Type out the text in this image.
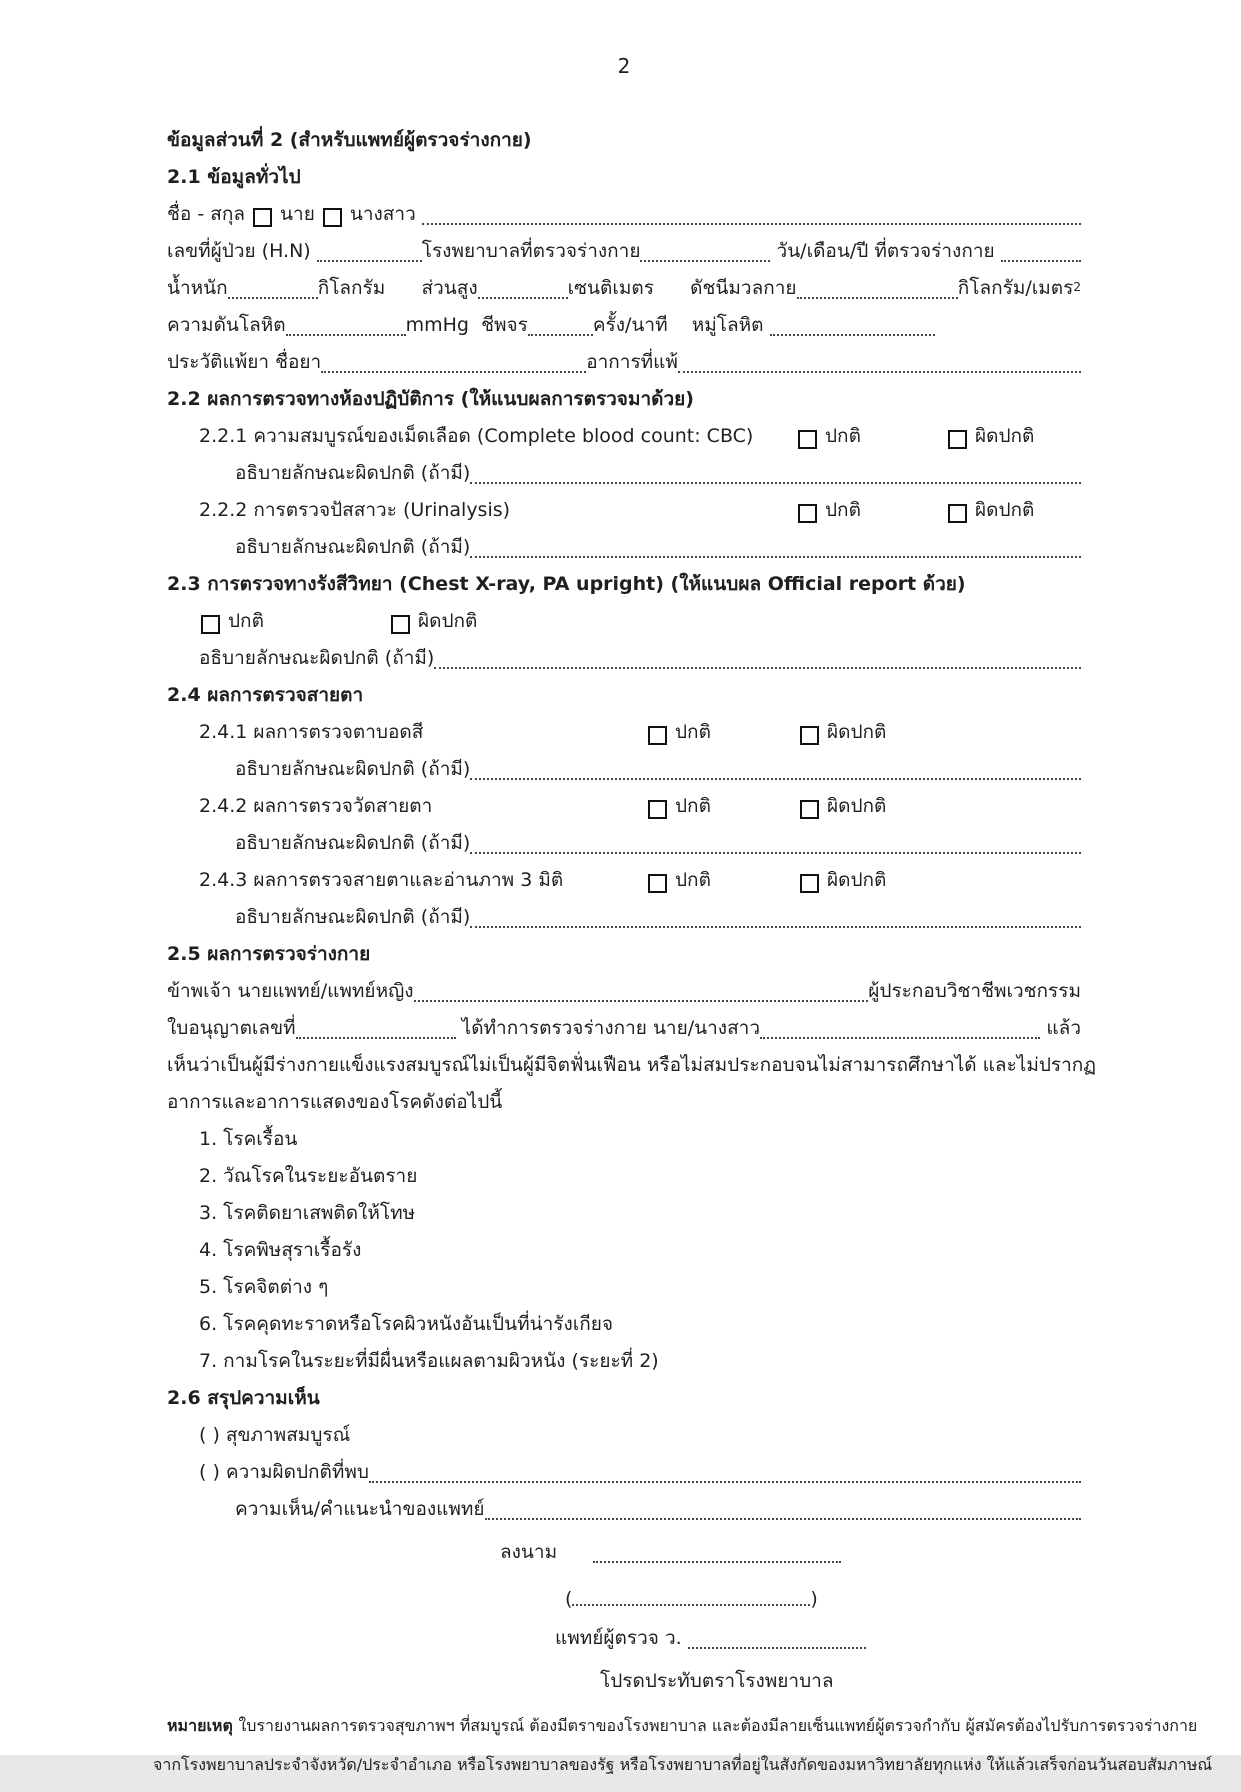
2
ข้อมูลส่วนที่ 2 (สำหรับแพทย์ผู้ตรวจร่างกาย)
2.1 ข้อมูลทั่วไป
ชื่อ - สกุล นาย นางสาว
เลขที่ผู้ป่วย (H.N)	โรงพยาบาลที่ตรวจร่างกาย	วัน/เดือน/ปี ที่ตรวจร่างกาย
น้ำหนัก	กิโลกรัม      ส่วนสูง	เซนติเมตร      ดัชนีมวลกาย	กิโลกรัม/เมตร 2
ความดันโลหิต	mmHg  ชีพจร	ครั้ง/นาที    หมู่โลหิต
ประวัติแพ้ยา ชื่อยา	อาการที่แพ้
2.2 ผลการตรวจทางห้องปฏิบัติการ (ให้แนบผลการตรวจมาด้วย)
2.2.1 ความสมบูรณ์ของเม็ดเลือด (Complete blood count: CBC)	ปกติ	ผิดปกติ
อธิบายลักษณะผิดปกติ (ถ้ามี)
2.2.2 การตรวจปัสสาวะ (Urinalysis)	ปกติ	ผิดปกติ
อธิบายลักษณะผิดปกติ (ถ้ามี)
2.3 การตรวจทางรังสีวิทยา (Chest X-ray, PA upright) (ให้แนบผล Official report ด้วย)
ปกติ	ผิดปกติ
อธิบายลักษณะผิดปกติ (ถ้ามี)
2.4 ผลการตรวจสายตา
2.4.1 ผลการตรวจตาบอดสี	ปกติ	ผิดปกติ
อธิบายลักษณะผิดปกติ (ถ้ามี)
2.4.2 ผลการตรวจวัดสายตา	ปกติ	ผิดปกติ
อธิบายลักษณะผิดปกติ (ถ้ามี)
2.4.3 ผลการตรวจสายตาและอ่านภาพ 3 มิติ	ปกติ	ผิดปกติ
อธิบายลักษณะผิดปกติ (ถ้ามี)
2.5 ผลการตรวจร่างกาย
ข้าพเจ้า นายแพทย์/แพทย์หญิง	ผู้ประกอบวิชาชีพเวชกรรม
ใบอนุญาตเลขที่	ได้ทำการตรวจร่างกาย นาย/นางสาว	แล้ว
เห็นว่าเป็นผู้มีร่างกายแข็งแรงสมบูรณ์ไม่เป็นผู้มีจิตฟั่นเฟือน หรือไม่สมประกอบจนไม่สามารถศึกษาได้ และไม่ปรากฏ
อาการและอาการแสดงของโรคดังต่อไปนี้
1. โรคเรื้อน
2. วัณโรคในระยะอันตราย
3. โรคติดยาเสพติดให้โทษ
4. โรคพิษสุราเรื้อรัง
5. โรคจิตต่าง ๆ
6. โรคคุดทะราดหรือโรคผิวหนังอันเป็นที่น่ารังเกียจ
7. กามโรคในระยะที่มีผื่นหรือแผลตามผิวหนัง (ระยะที่ 2)
2.6 สรุปความเห็น
( ) สุขภาพสมบูรณ์
( ) ความผิดปกติที่พบ
ความเห็น/คำแนะนำของแพทย์
ลงนาม
(	)
แพทย์ผู้ตรวจ ว.
โปรดประทับตราโรงพยาบาล
หมายเหตุ ใบรายงานผลการตรวจสุขภาพฯ ที่สมบูรณ์ ต้องมีตราของโรงพยาบาล และต้องมีลายเซ็นแพทย์ผู้ตรวจกำกับ ผู้สมัครต้องไปรับการตรวจร่างกาย
จากโรงพยาบาลประจำจังหวัด/ประจำอำเภอ หรือโรงพยาบาลของรัฐ หรือโรงพยาบาลที่อยู่ในสังกัดของมหาวิทยาลัยทุกแห่ง ให้แล้วเสร็จก่อนวันสอบสัมภาษณ์
